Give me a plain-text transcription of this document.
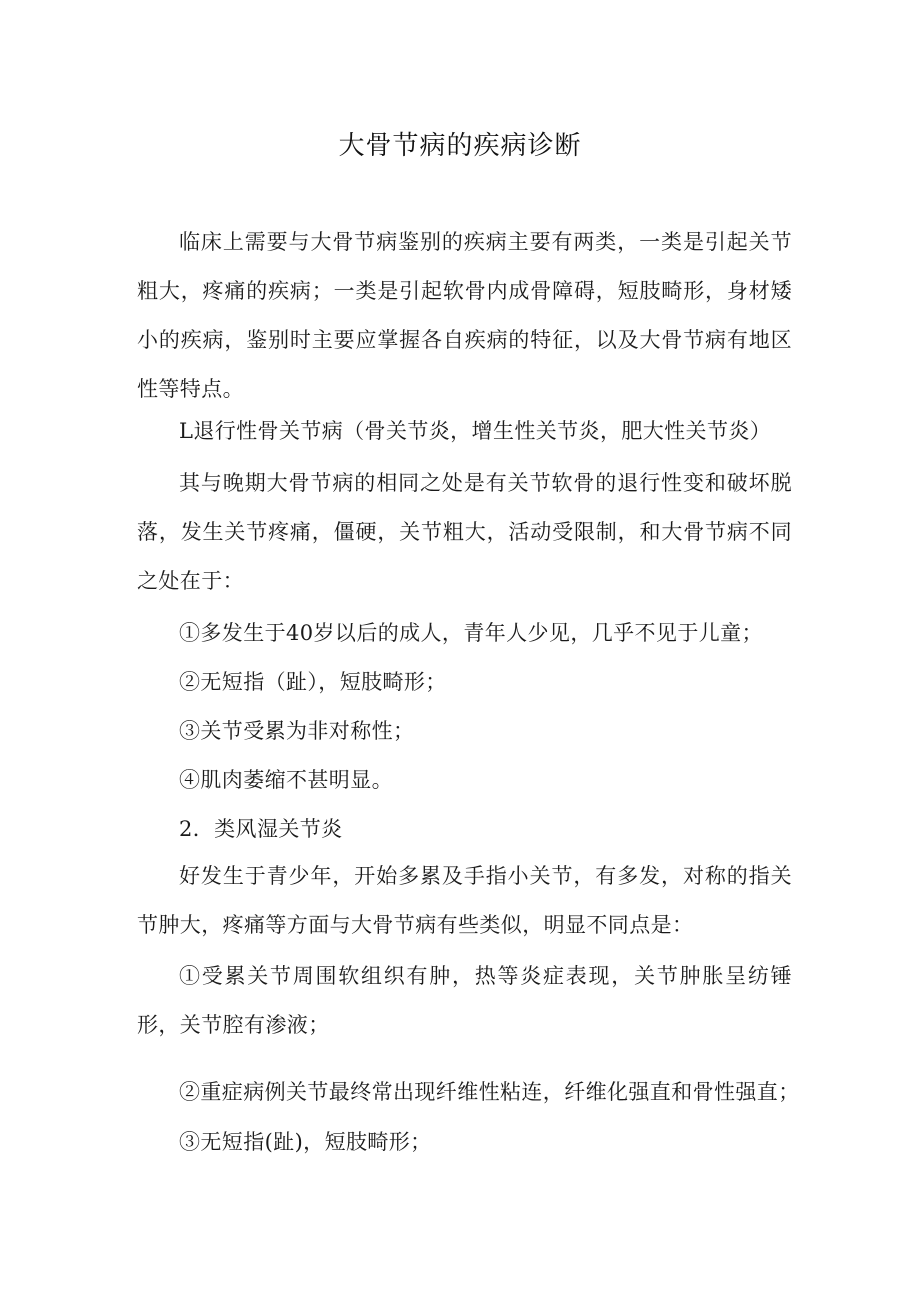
大骨节病的疾病诊断

临床上需要与大骨节病鉴别的疾病主要有两类，一类是引起关节粗大，疼痛的疾病；一类是引起软骨内成骨障碍，短肢畸形，身材矮小的疾病，鉴别时主要应掌握各自疾病的特征，以及大骨节病有地区性等特点。

L退行性骨关节病（骨关节炎，增生性关节炎，肥大性关节炎）

其与晚期大骨节病的相同之处是有关节软骨的退行性变和破坏脱落，发生关节疼痛，僵硬，关节粗大，活动受限制，和大骨节病不同之处在于：

①多发生于40岁以后的成人，青年人少见，几乎不见于儿童；

②无短指（趾），短肢畸形；

③关节受累为非对称性；

④肌肉萎缩不甚明显。

2．类风湿关节炎

好发生于青少年，开始多累及手指小关节，有多发，对称的指关节肿大，疼痛等方面与大骨节病有些类似，明显不同点是：

①受累关节周围软组织有肿，热等炎症表现，关节肿胀呈纺锤形，关节腔有渗液；

②重症病例关节最终常出现纤维性粘连，纤维化强直和骨性强直；

③无短指(趾)，短肢畸形；
